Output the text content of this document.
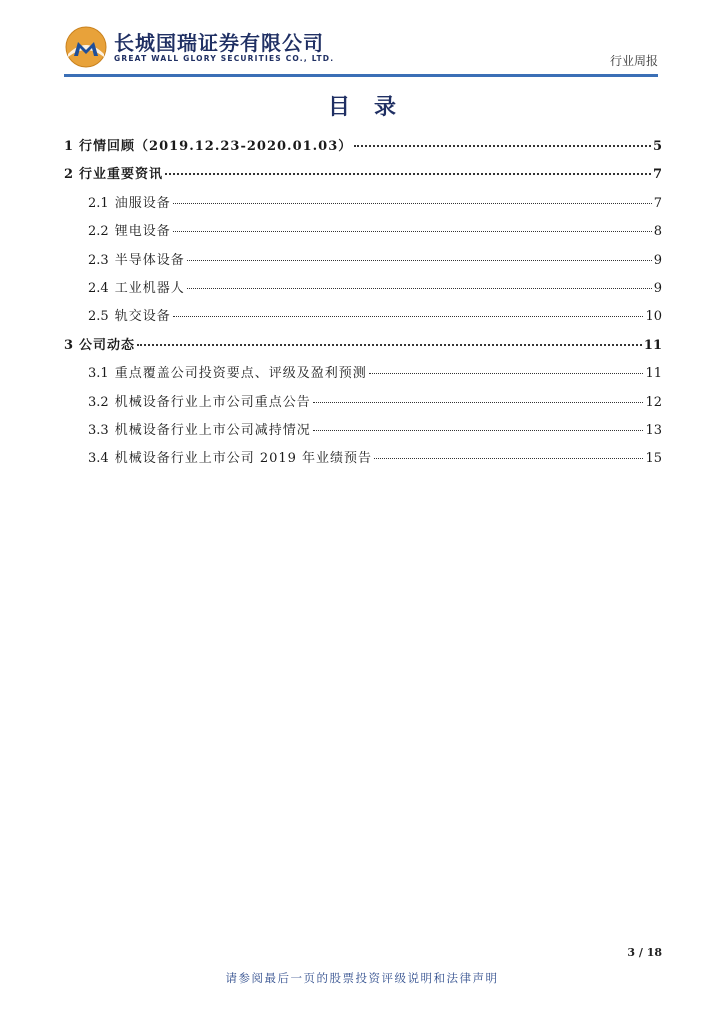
长城国瑞证券有限公司
GREAT WALL GLORY SECURITIES CO., LTD.	行业周报
目录
1 行情回顾（2019.12.23-2020.01.03）	5
2 行业重要资讯	7
2.1 油服设备	7
2.2 锂电设备	8
2.3 半导体设备	9
2.4 工业机器人	9
2.5 轨交设备	10
3 公司动态	11
3.1 重点覆盖公司投资要点、评级及盈利预测	11
3.2 机械设备行业上市公司重点公告	12
3.3 机械设备行业上市公司减持情况	13
3.4 机械设备行业上市公司 2019 年业绩预告	15
3 / 18
请参阅最后一页的股票投资评级说明和法律声明
